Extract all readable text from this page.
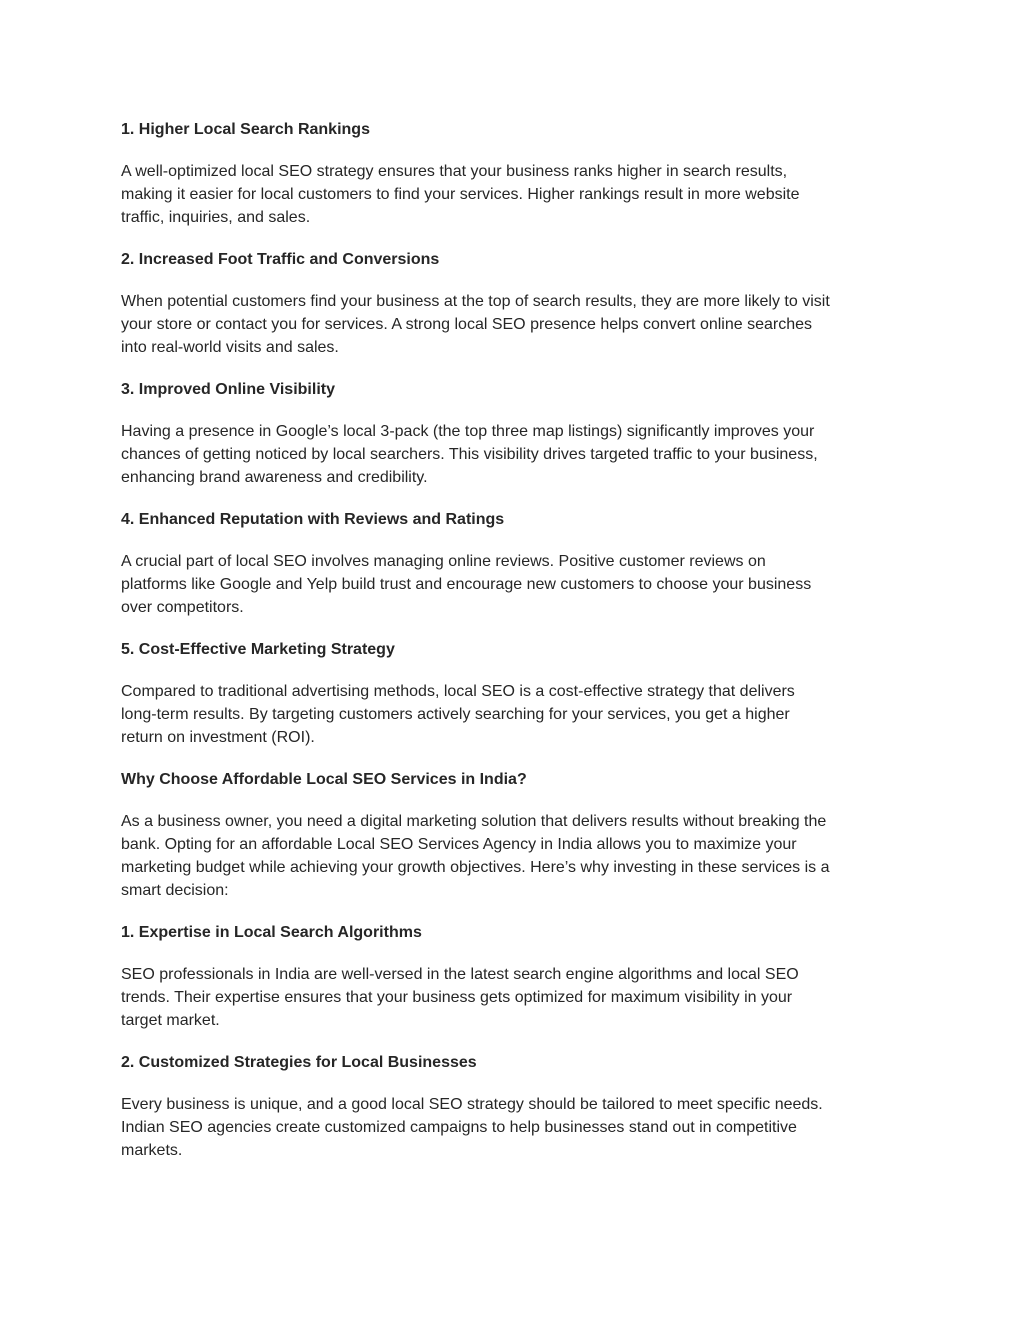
1. Higher Local Search Rankings

A well-optimized local SEO strategy ensures that your business ranks higher in search results,
making it easier for local customers to find your services. Higher rankings result in more website
traffic, inquiries, and sales.

2. Increased Foot Traffic and Conversions

When potential customers find your business at the top of search results, they are more likely to visit
your store or contact you for services. A strong local SEO presence helps convert online searches
into real-world visits and sales.

3. Improved Online Visibility

Having a presence in Google’s local 3-pack (the top three map listings) significantly improves your
chances of getting noticed by local searchers. This visibility drives targeted traffic to your business,
enhancing brand awareness and credibility.

4. Enhanced Reputation with Reviews and Ratings

A crucial part of local SEO involves managing online reviews. Positive customer reviews on
platforms like Google and Yelp build trust and encourage new customers to choose your business
over competitors.

5. Cost-Effective Marketing Strategy

Compared to traditional advertising methods, local SEO is a cost-effective strategy that delivers
long-term results. By targeting customers actively searching for your services, you get a higher
return on investment (ROI).

Why Choose Affordable Local SEO Services in India?

As a business owner, you need a digital marketing solution that delivers results without breaking the
bank. Opting for an affordable Local SEO Services Agency in India allows you to maximize your
marketing budget while achieving your growth objectives. Here’s why investing in these services is a
smart decision:

1. Expertise in Local Search Algorithms

SEO professionals in India are well-versed in the latest search engine algorithms and local SEO
trends. Their expertise ensures that your business gets optimized for maximum visibility in your
target market.

2. Customized Strategies for Local Businesses

Every business is unique, and a good local SEO strategy should be tailored to meet specific needs.
Indian SEO agencies create customized campaigns to help businesses stand out in competitive
markets.
